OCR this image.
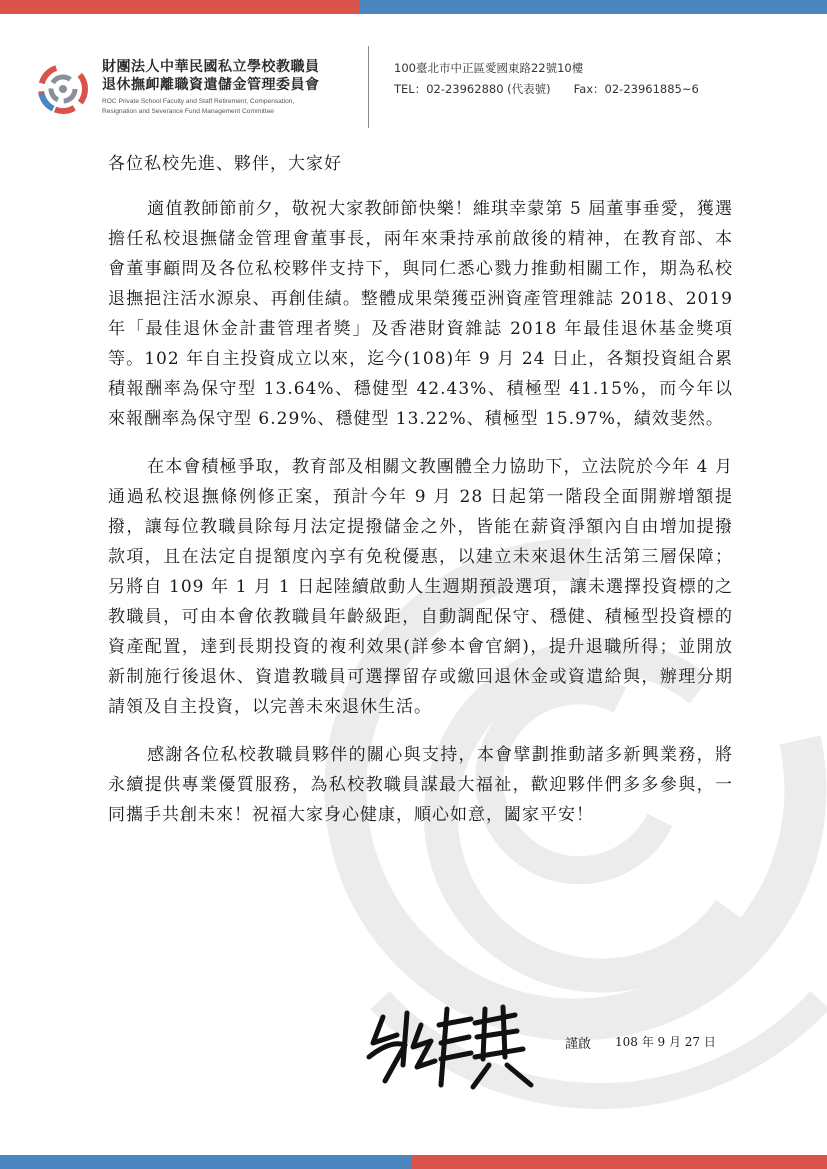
財團法人中華民國私立學校教職員
退休撫卹離職資遣儲金管理委員會
ROC Private School Faculty and Staff Retirement, Compensation,
Resignation and Severance Fund Management Committee
100臺北市中正區愛國東路22號10樓
TEL：02-23962880 (代表號)　　Fax：02-23961885~6

各位私校先進、夥伴，大家好

適值教師節前夕，敬祝大家教師節快樂！維琪幸蒙第 5 屆董事垂愛，獲選擔任私校退撫儲金管理會董事長，兩年來秉持承前啟後的精神，在教育部、本會董事顧問及各位私校夥伴支持下，與同仁悉心戮力推動相關工作，期為私校退撫挹注活水源泉、再創佳績。整體成果榮獲亞洲資產管理雜誌 2018、2019 年「最佳退休金計畫管理者獎」及香港財資雜誌 2018 年最佳退休基金獎項等。102 年自主投資成立以來，迄今(108)年 9 月 24 日止，各類投資組合累積報酬率為保守型 13.64%、穩健型 42.43%、積極型 41.15%，而今年以來報酬率為保守型 6.29%、穩健型 13.22%、積極型 15.97%，績效斐然。

在本會積極爭取，教育部及相關文教團體全力協助下，立法院於今年 4 月通過私校退撫條例修正案，預計今年 9 月 28 日起第一階段全面開辦增額提撥，讓每位教職員除每月法定提撥儲金之外，皆能在薪資淨額內自由增加提撥款項，且在法定自提額度內享有免稅優惠，以建立未來退休生活第三層保障；另將自 109 年 1 月 1 日起陸續啟動人生週期預設選項，讓未選擇投資標的之教職員，可由本會依教職員年齡級距，自動調配保守、穩健、積極型投資標的資產配置，達到長期投資的複利效果(詳參本會官網)，提升退職所得；並開放新制施行後退休、資遣教職員可選擇留存或繳回退休金或資遣給與，辦理分期請領及自主投資，以完善未來退休生活。

感謝各位私校教職員夥伴的關心與支持，本會擘劃推動諸多新興業務，將永續提供專業優質服務，為私校教職員謀最大福祉，歡迎夥伴們多多參與，一同攜手共創未來！祝福大家身心健康，順心如意，闔家平安！

謹啟 108 年 9 月 27 日
